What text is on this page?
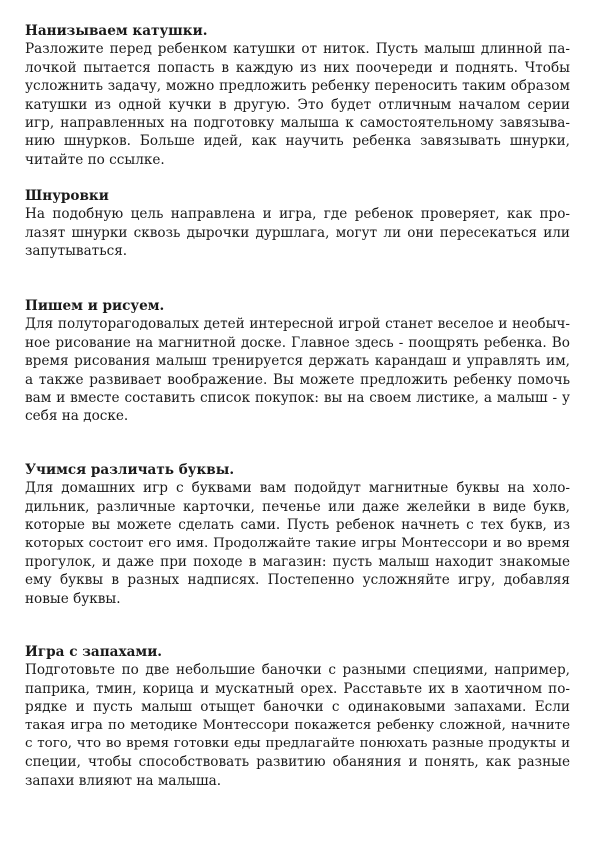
Нанизываем катушки.
Разложите перед ребенком катушки от ниток. Пусть малыш длинной па-
лочкой пытается попасть в каждую из них поочереди и поднять. Чтобы
усложнить задачу, можно предложить ребенку переносить таким образом
катушки из одной кучки в другую. Это будет отличным началом серии
игр, направленных на подготовку малыша к самостоятельному завязыва-
нию шнурков. Больше идей, как научить ребенка завязывать шнурки,
читайте по ссылке.
Шнуровки
На подобную цель направлена и игра, где ребенок проверяет, как про-
лазят шнурки сквозь дырочки дуршлага, могут ли они пересекаться или
запутываться.
Пишем и рисуем.
Для полуторагодовалых детей интересной игрой станет веселое и необыч-
ное рисование на магнитной доске. Главное здесь - поощрять ребенка. Во
время рисования малыш тренируется держать карандаш и управлять им,
а также развивает воображение. Вы можете предложить ребенку помочь
вам и вместе составить список покупок: вы на своем листике, а малыш - у
себя на доске.
Учимся различать буквы.
Для домашних игр с буквами вам подойдут магнитные буквы на холо-
дильник, различные карточки, печенье или даже желейки в виде букв,
которые вы можете сделать сами. Пусть ребенок начнеть с тех букв, из
которых состоит его имя. Продолжайте такие игры Монтессори и во время
прогулок, и даже при походе в магазин: пусть малыш находит знакомые
ему буквы в разных надписях. Постепенно усложняйте игру, добавляя
новые буквы.
Игра с запахами.
Подготовьте по две небольшие баночки с разными специями, например,
паприка, тмин, корица и мускатный орех. Расставьте их в хаотичном по-
рядке и пусть малыш отыщет баночки с одинаковыми запахами. Если
такая игра по методике Монтессори покажется ребенку сложной, начните
с того, что во время готовки еды предлагайте понюхать разные продукты и
специи, чтобы способствовать развитию обаняния и понять, как разные
запахи влияют на малыша.
